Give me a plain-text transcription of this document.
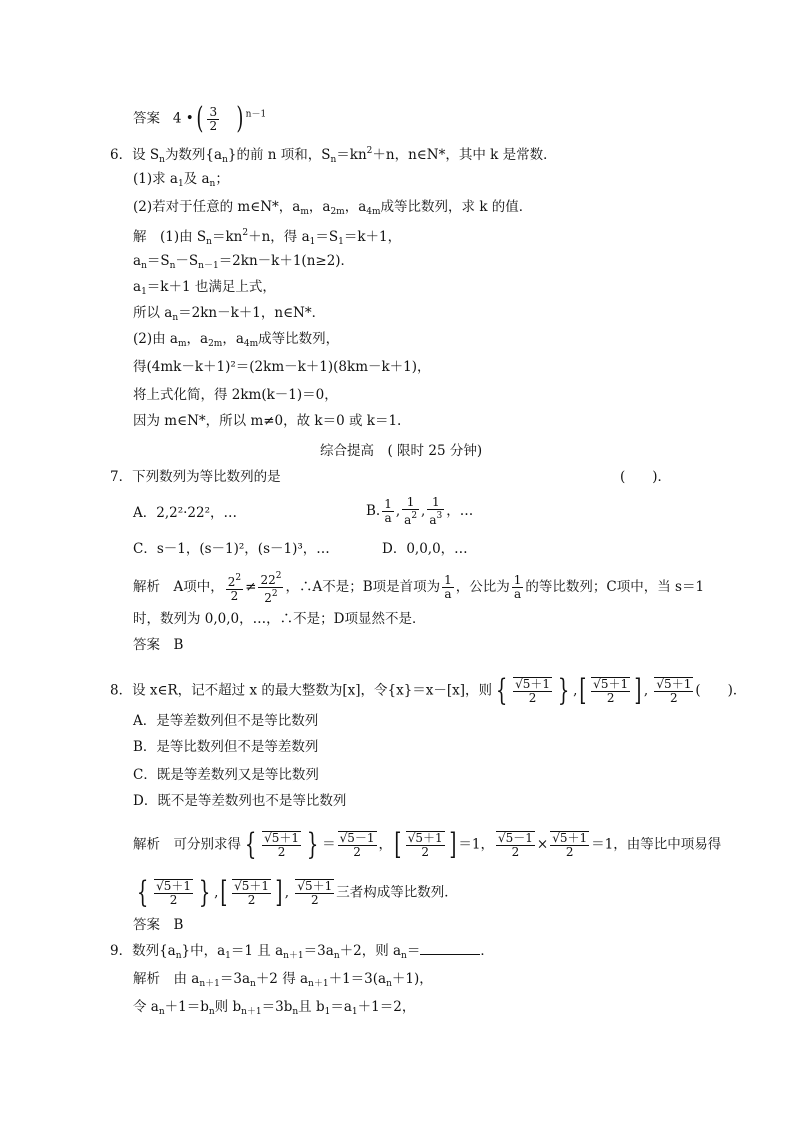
答案 4 •( $\frac{3}{2}$ ) $^{n-1}$
6．设 $S_n$为数列$\{a_n\}$的前 n 项和，$S_n=kn^2+n$，n∈N*，其中 k 是常数．
(1)求 $a_1$及 $a_n$；
(2)若对于任意的 m∈N*，$a_m$，$a_{2m}$，$a_{4m}$成等比数列，求 k 的值．
解　(1)由 $S_n=kn^2+n$，得 $a_1=S_1=k+1$，
$a_n=S_n-S_{n-1}=2kn-k+1(n\ge 2)$．
$a_1=k+1$ 也满足上式，
所以 $a_n=2kn-k+1$，n∈N*．
(2)由 $a_m$，$a_{2m}$，$a_{4m}$成等比数列，
得(4mk－k＋1)²＝(2km－k＋1)(8km－k＋1)，
将上式化简，得 2km(k－1)＝0，
因为 m∈N*，所以 m≠0，故 k＝0 或 k＝1.
综合提高　( 限时 25 分钟)
7．下列数列为等比数列的是	(　　)．
A．2,2²·22²，…	B. $\frac{1}{a}$ , $\frac{1}{a^2}$ , $\frac{1}{a^3}$ ，…
C．s－1，(s－1)²，(s－1)³，…	D．0,0,0，…
解析　A项中， $\frac{2^2}{2} \ne \frac{22^2}{2^2}$ ，∴A不是；B项是首项为 $\frac{1}{a}$ ，公比为 $\frac{1}{a}$ 的等比数列；C项中，当 s＝1
时，数列为 0,0,0，…，∴不是；D项显然不是．
答案　B
8．设 x∈R，记不超过 x 的最大整数为[x]，令{x}＝x－[x]，则 { $\frac{√5+1}{2}$ } ,[ $\frac{√5+1}{2}$ ] , $\frac{√5+1}{2}$ (　　)．
A．是等差数列但不是等比数列
B．是等比数列但不是等差数列
C．既是等差数列又是等比数列
D．既不是等差数列也不是等比数列
解析　可分别求得 { $\frac{√5+1}{2}$ } ＝ $\frac{√5-1}{2}$ ，[ $\frac{√5+1}{2}$ ] ＝1， $\frac{√5-1}{2} \times \frac{√5+1}{2} =1$，由等比中项易得
{ $\frac{√5+1}{2}$ } ,[ $\frac{√5+1}{2}$ ] , $\frac{√5+1}{2}$ 三者构成等比数列．
答案　B
9．数列$\{a_n\}$中，$a_1=1$ 且 $a_{n+1}=3a_n+2$，则 $a_n=$	．
解析　由 $a_{n+1}=3a_n+2$ 得 $a_{n+1}+1=3(a_n+1)$，
令 $a_n+1=b_n$则 $b_{n+1}=3b_n$且 $b_1=a_1+1=2$，
